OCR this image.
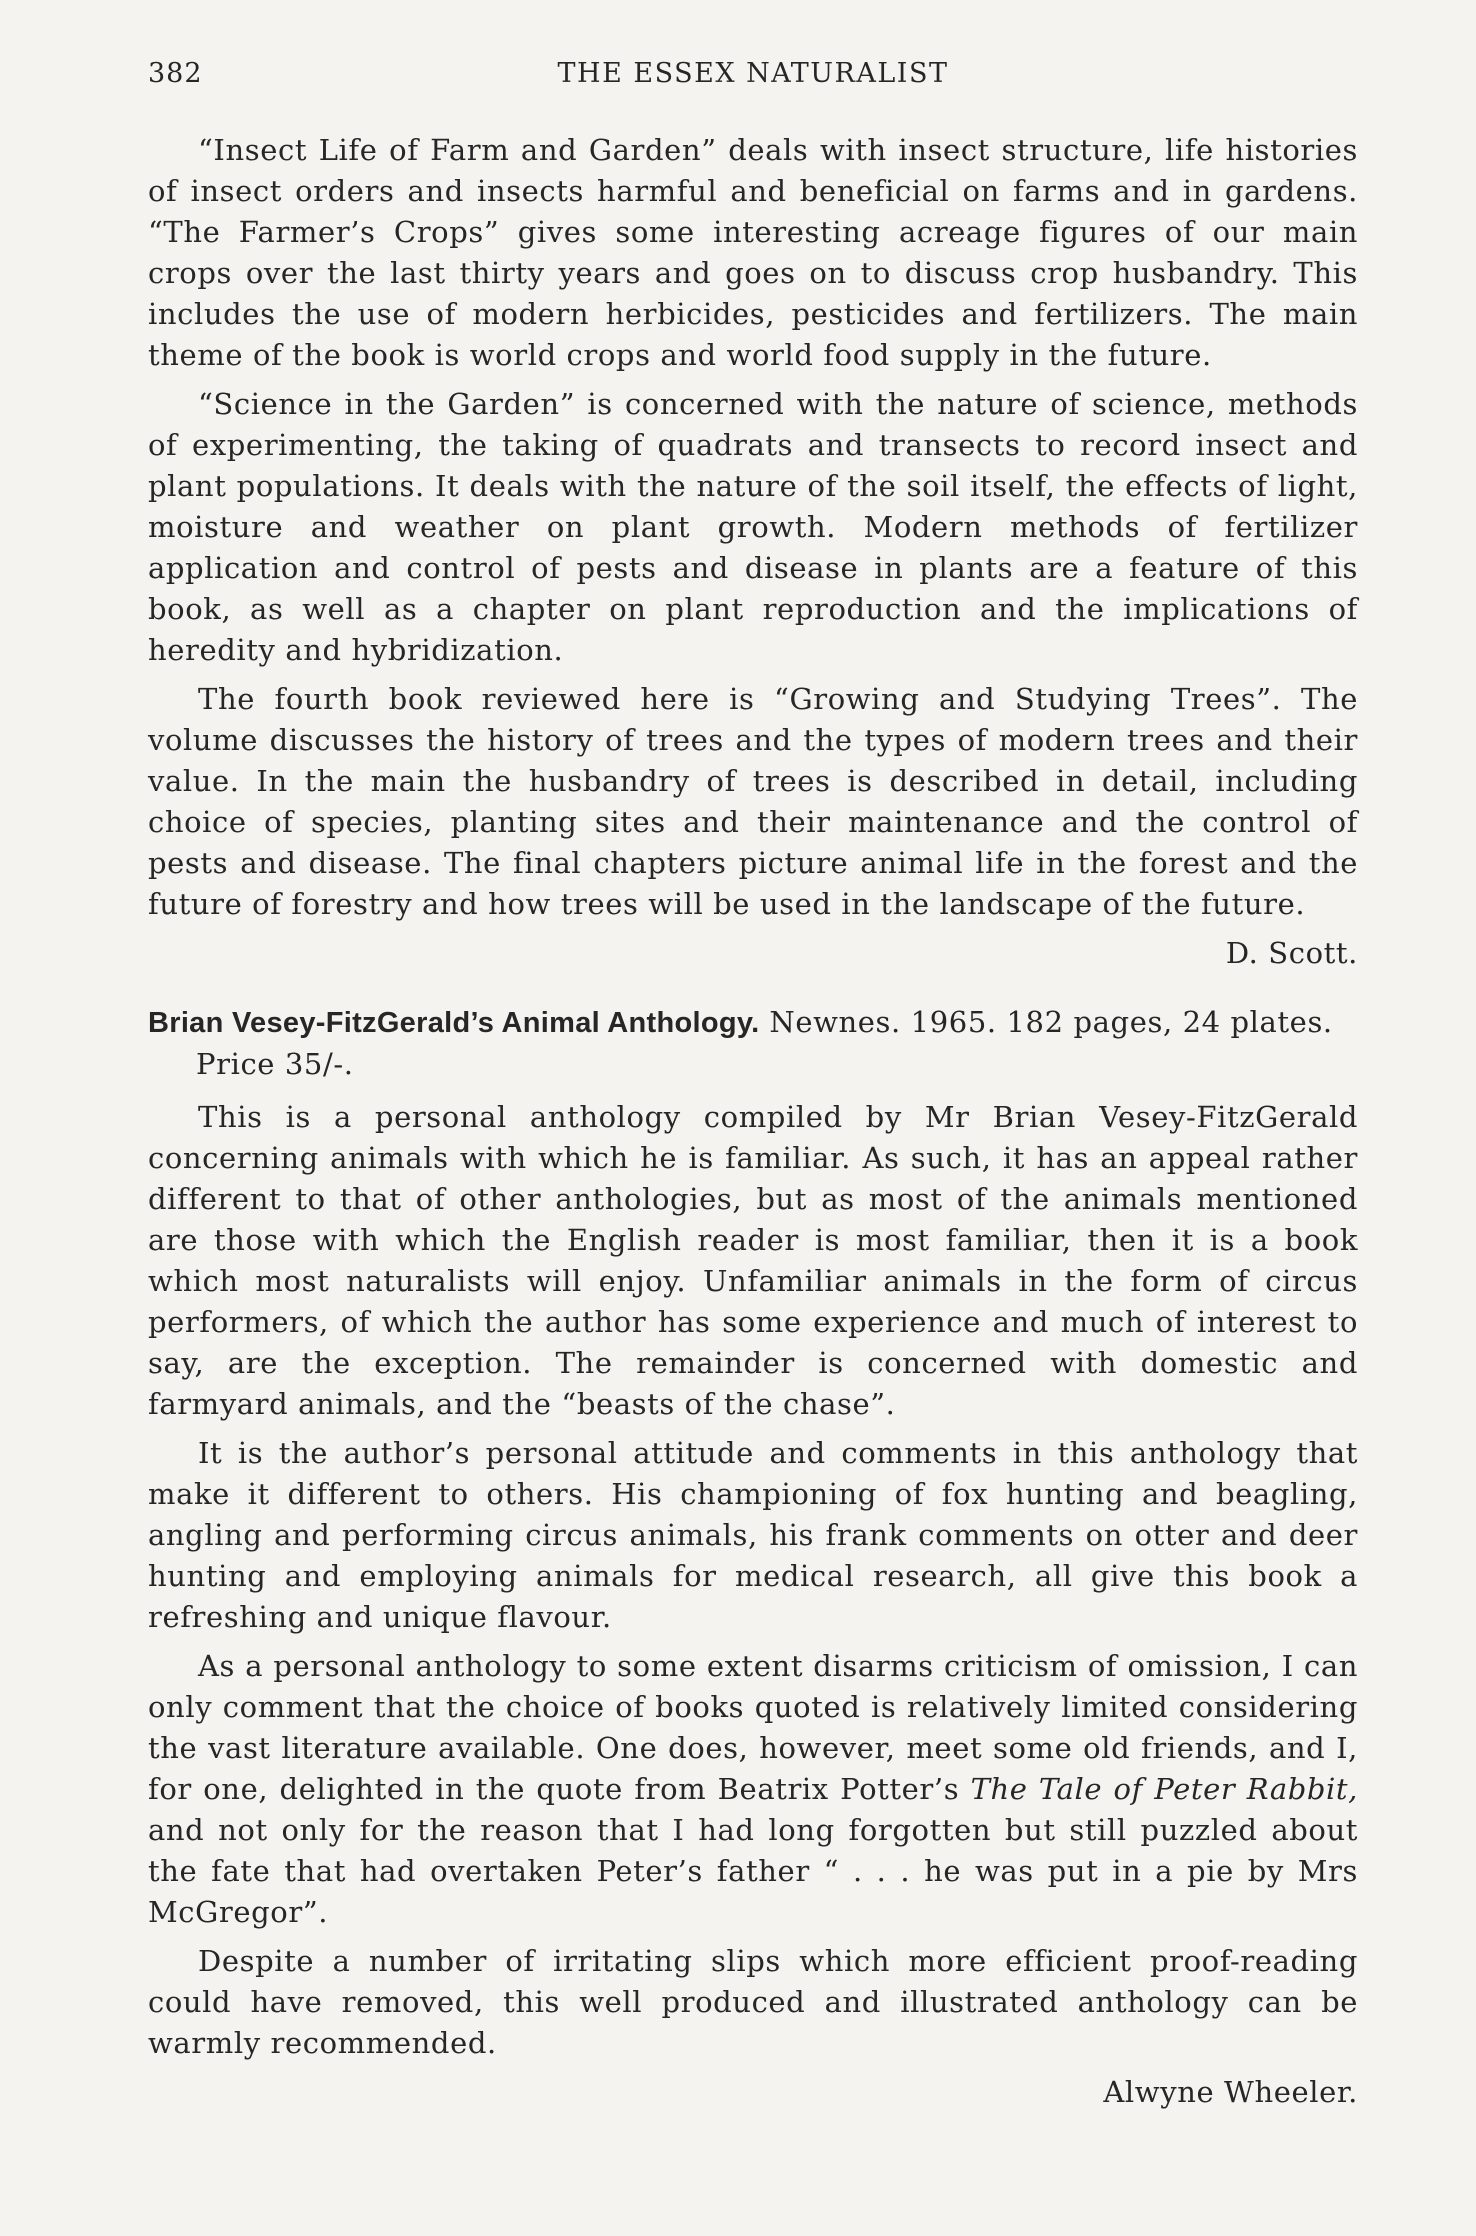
382	THE ESSEX NATURALIST

“Insect Life of Farm and Garden” deals with insect structure, life histories of insect orders and insects harmful and beneficial on farms and in gardens. “The Farmer’s Crops” gives some interesting acreage figures of our main crops over the last thirty years and goes on to discuss crop husbandry. This includes the use of modern herbicides, pesticides and fertilizers. The main theme of the book is world crops and world food supply in the future.

“Science in the Garden” is concerned with the nature of science, methods of experimenting, the taking of quadrats and transects to record insect and plant populations. It deals with the nature of the soil itself, the effects of light, moisture and weather on plant growth. Modern methods of fertilizer application and control of pests and disease in plants are a feature of this book, as well as a chapter on plant reproduction and the implications of heredity and hybridization.

The fourth book reviewed here is “Growing and Studying Trees”. The volume discusses the history of trees and the types of modern trees and their value. In the main the husbandry of trees is described in detail, including choice of species, planting sites and their maintenance and the control of pests and disease. The final chapters picture animal life in the forest and the future of forestry and how trees will be used in the landscape of the future.

D. Scott.

Brian Vesey-FitzGerald’s Animal Anthology. Newnes. 1965. 182 pages, 24 plates. Price 35/-.

This is a personal anthology compiled by Mr Brian Vesey-FitzGerald concerning animals with which he is familiar. As such, it has an appeal rather different to that of other anthologies, but as most of the animals mentioned are those with which the English reader is most familiar, then it is a book which most naturalists will enjoy. Unfamiliar animals in the form of circus performers, of which the author has some experience and much of interest to say, are the exception. The remainder is concerned with domestic and farmyard animals, and the “beasts of the chase”.

It is the author’s personal attitude and comments in this anthology that make it different to others. His championing of fox hunting and beagling, angling and performing circus animals, his frank comments on otter and deer hunting and employing animals for medical research, all give this book a refreshing and unique flavour.

As a personal anthology to some extent disarms criticism of omission, I can only comment that the choice of books quoted is relatively limited considering the vast literature available. One does, however, meet some old friends, and I, for one, delighted in the quote from Beatrix Potter’s The Tale of Peter Rabbit, and not only for the reason that I had long forgotten but still puzzled about the fate that had overtaken Peter’s father “ . . . he was put in a pie by Mrs McGregor”.

Despite a number of irritating slips which more efficient proof-reading could have removed, this well produced and illustrated anthology can be warmly recommended.

Alwyne Wheeler.
